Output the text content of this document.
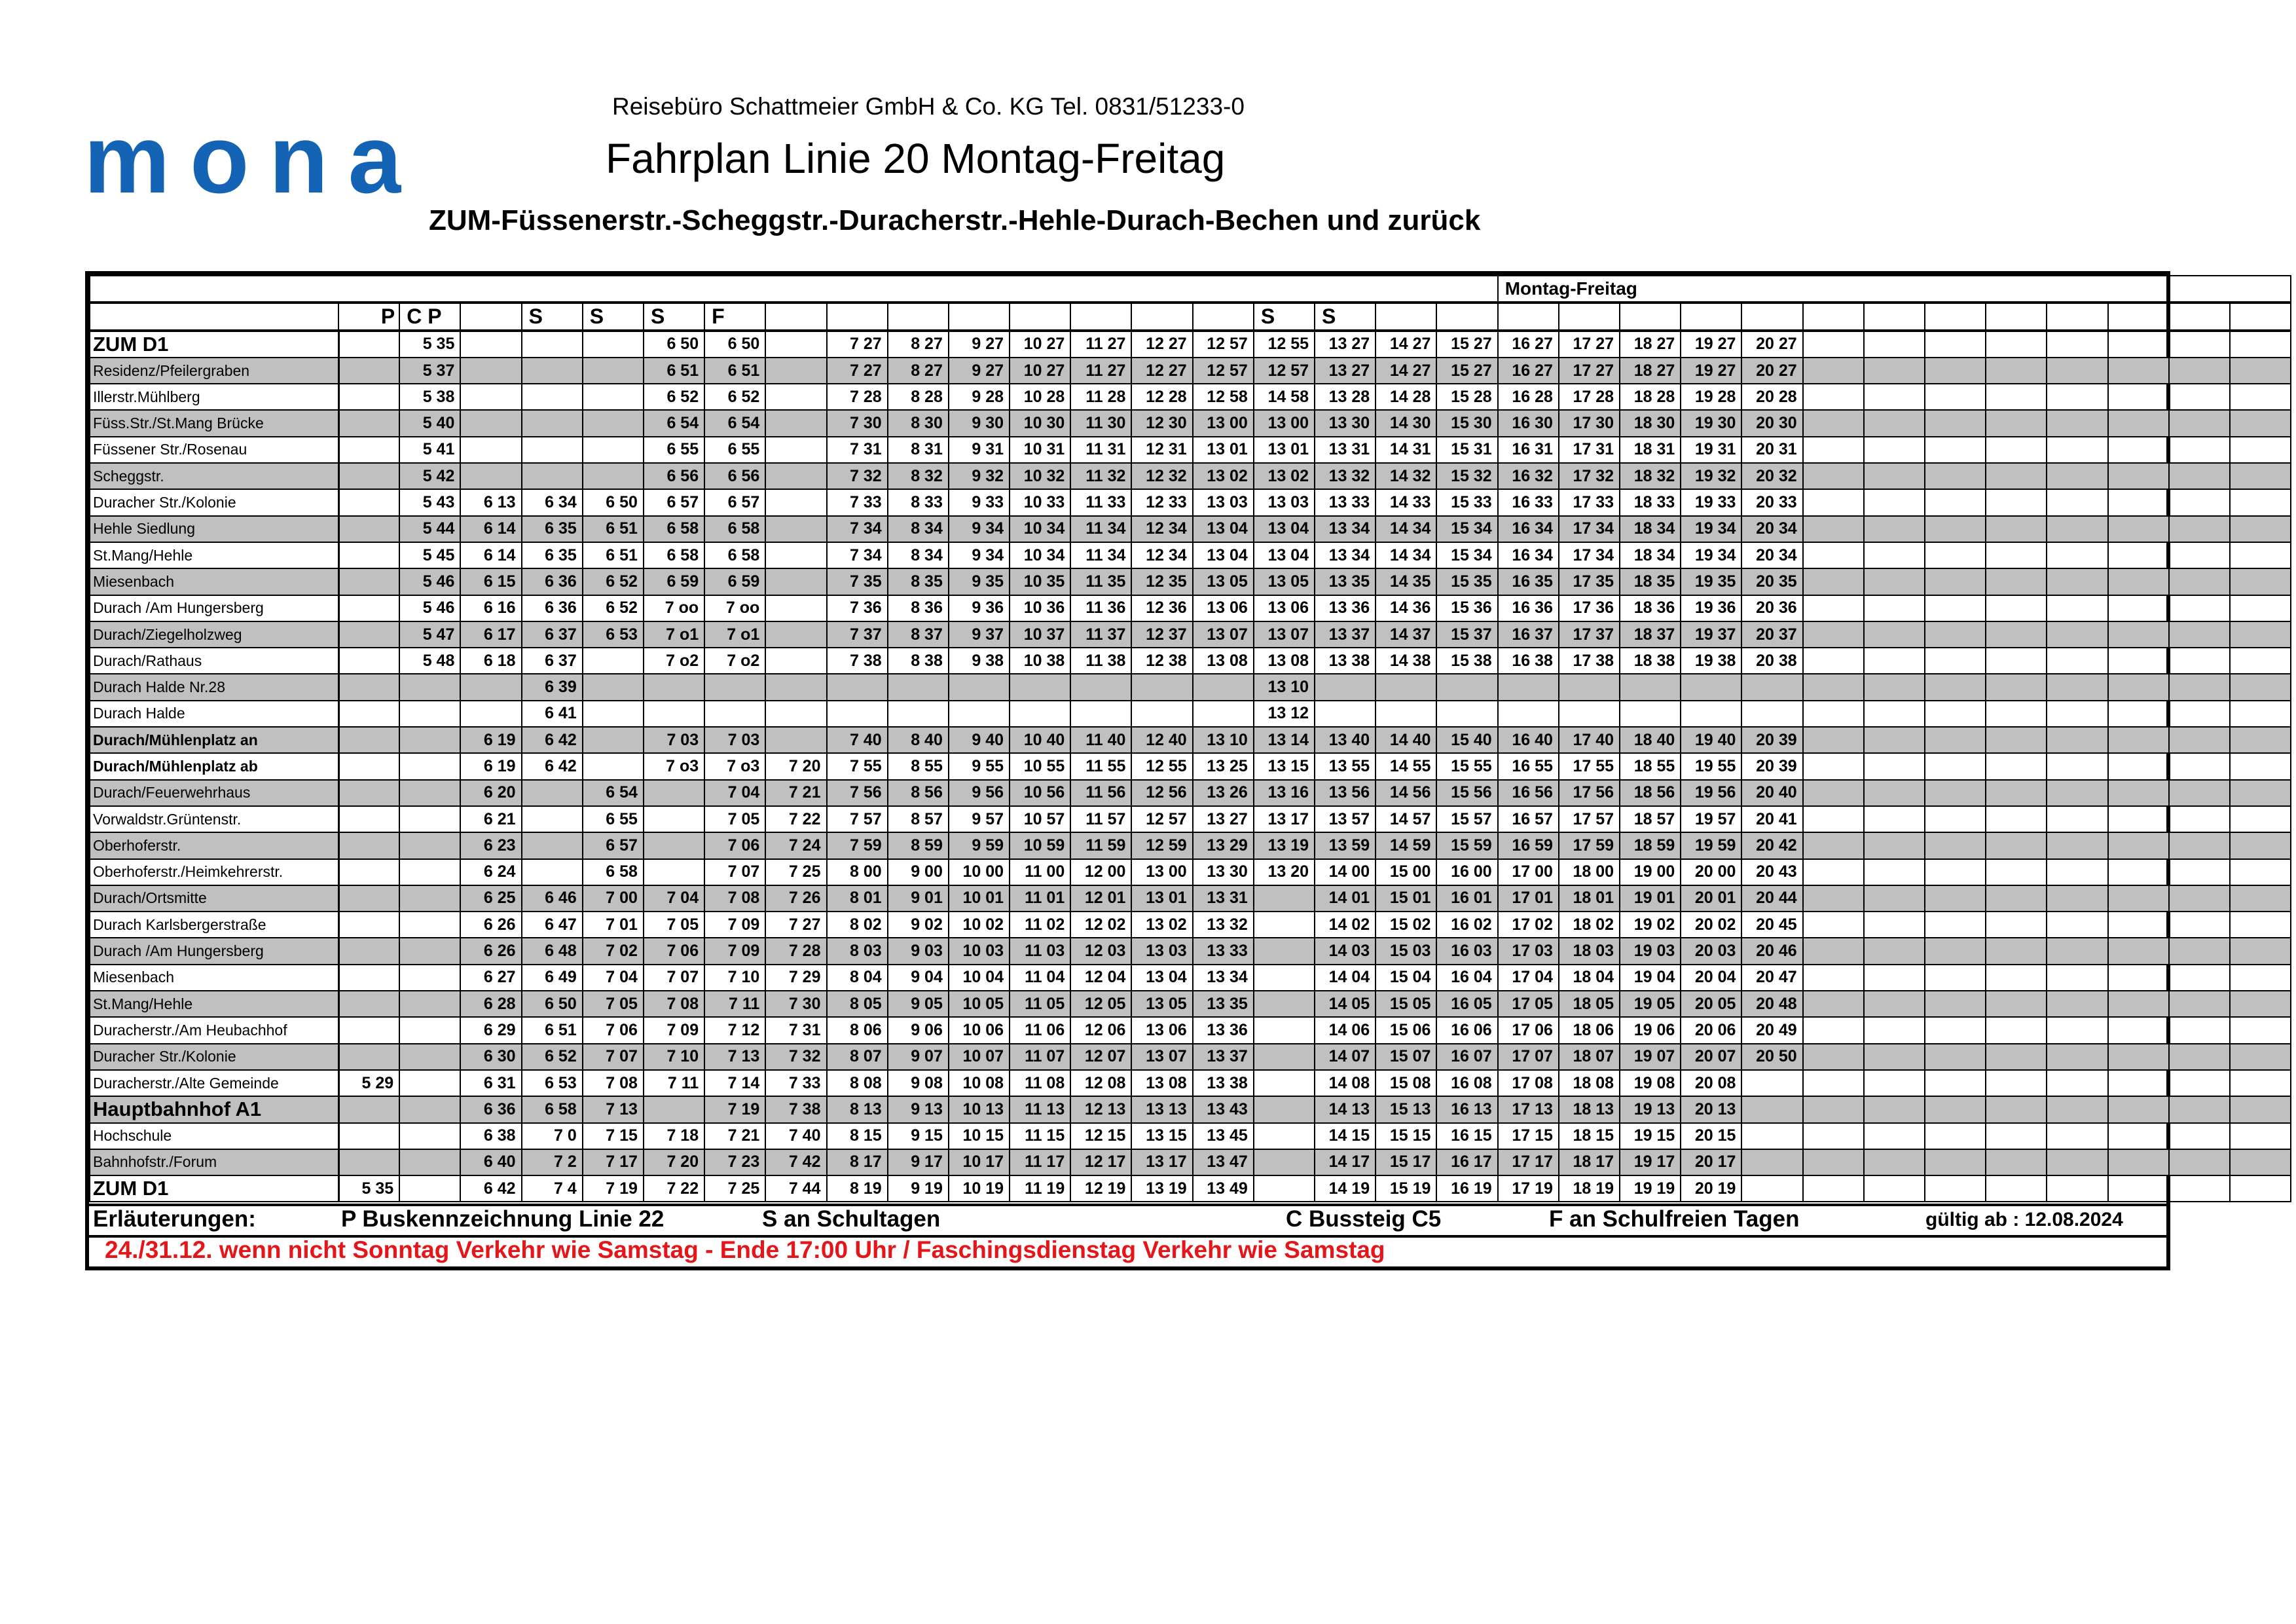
Reisebüro Schattmeier GmbH & Co. KG Tel. 0831/51233-0
mona	Fahrplan Linie 20 Montag-Freitag
ZUM-Füssenerstr.-Scheggstr.-Duracherstr.-Hehle-Durach-Bechen und zurück
																				Montag-Freitag													
	P	C P		S	S	S	F									S	S																
ZUM D1		5 35				6 50	6 50		7 27	8 27	9 27	10 27	11 27	12 27	12 57	12 55	13 27	14 27	15 27	16 27	17 27	18 27	19 27	20 27									
Residenz/Pfeilergraben		5 37				6 51	6 51		7 27	8 27	9 27	10 27	11 27	12 27	12 57	12 57	13 27	14 27	15 27	16 27	17 27	18 27	19 27	20 27									
Illerstr.Mühlberg		5 38				6 52	6 52		7 28	8 28	9 28	10 28	11 28	12 28	12 58	14 58	13 28	14 28	15 28	16 28	17 28	18 28	19 28	20 28									
Füss.Str./St.Mang Brücke		5 40				6 54	6 54		7 30	8 30	9 30	10 30	11 30	12 30	13 00	13 00	13 30	14 30	15 30	16 30	17 30	18 30	19 30	20 30									
Füssener Str./Rosenau		5 41				6 55	6 55		7 31	8 31	9 31	10 31	11 31	12 31	13 01	13 01	13 31	14 31	15 31	16 31	17 31	18 31	19 31	20 31									
Scheggstr.		5 42				6 56	6 56		7 32	8 32	9 32	10 32	11 32	12 32	13 02	13 02	13 32	14 32	15 32	16 32	17 32	18 32	19 32	20 32									
Duracher Str./Kolonie		5 43	6 13	6 34	6 50	6 57	6 57		7 33	8 33	9 33	10 33	11 33	12 33	13 03	13 03	13 33	14 33	15 33	16 33	17 33	18 33	19 33	20 33									
Hehle Siedlung		5 44	6 14	6 35	6 51	6 58	6 58		7 34	8 34	9 34	10 34	11 34	12 34	13 04	13 04	13 34	14 34	15 34	16 34	17 34	18 34	19 34	20 34									
St.Mang/Hehle		5 45	6 14	6 35	6 51	6 58	6 58		7 34	8 34	9 34	10 34	11 34	12 34	13 04	13 04	13 34	14 34	15 34	16 34	17 34	18 34	19 34	20 34									
Miesenbach		5 46	6 15	6 36	6 52	6 59	6 59		7 35	8 35	9 35	10 35	11 35	12 35	13 05	13 05	13 35	14 35	15 35	16 35	17 35	18 35	19 35	20 35									
Durach /Am Hungersberg		5 46	6 16	6 36	6 52	7 oo	7 oo		7 36	8 36	9 36	10 36	11 36	12 36	13 06	13 06	13 36	14 36	15 36	16 36	17 36	18 36	19 36	20 36									
Durach/Ziegelholzweg		5 47	6 17	6 37	6 53	7 o1	7 o1		7 37	8 37	9 37	10 37	11 37	12 37	13 07	13 07	13 37	14 37	15 37	16 37	17 37	18 37	19 37	20 37									
Durach/Rathaus		5 48	6 18	6 37		7 o2	7 o2		7 38	8 38	9 38	10 38	11 38	12 38	13 08	13 08	13 38	14 38	15 38	16 38	17 38	18 38	19 38	20 38									
Durach Halde Nr.28				6 39												13 10																	
Durach Halde				6 41												13 12																	
Durach/Mühlenplatz an			6 19	6 42		7 03	7 03		7 40	8 40	9 40	10 40	11 40	12 40	13 10	13 14	13 40	14 40	15 40	16 40	17 40	18 40	19 40	20 39									
Durach/Mühlenplatz ab			6 19	6 42		7 o3	7 o3	7 20	7 55	8 55	9 55	10 55	11 55	12 55	13 25	13 15	13 55	14 55	15 55	16 55	17 55	18 55	19 55	20 39									
Durach/Feuerwehrhaus			6 20		6 54		7 04	7 21	7 56	8 56	9 56	10 56	11 56	12 56	13 26	13 16	13 56	14 56	15 56	16 56	17 56	18 56	19 56	20 40									
Vorwaldstr.Grüntenstr.			6 21		6 55		7 05	7 22	7 57	8 57	9 57	10 57	11 57	12 57	13 27	13 17	13 57	14 57	15 57	16 57	17 57	18 57	19 57	20 41									
Oberhoferstr.			6 23		6 57		7 06	7 24	7 59	8 59	9 59	10 59	11 59	12 59	13 29	13 19	13 59	14 59	15 59	16 59	17 59	18 59	19 59	20 42									
Oberhoferstr./Heimkehrerstr.			6 24		6 58		7 07	7 25	8 00	9 00	10 00	11 00	12 00	13 00	13 30	13 20	14 00	15 00	16 00	17 00	18 00	19 00	20 00	20 43									
Durach/Ortsmitte			6 25	6 46	7 00	7 04	7 08	7 26	8 01	9 01	10 01	11 01	12 01	13 01	13 31		14 01	15 01	16 01	17 01	18 01	19 01	20 01	20 44									
Durach Karlsbergerstraße			6 26	6 47	7 01	7 05	7 09	7 27	8 02	9 02	10 02	11 02	12 02	13 02	13 32		14 02	15 02	16 02	17 02	18 02	19 02	20 02	20 45									
Durach /Am Hungersberg			6 26	6 48	7 02	7 06	7 09	7 28	8 03	9 03	10 03	11 03	12 03	13 03	13 33		14 03	15 03	16 03	17 03	18 03	19 03	20 03	20 46									
Miesenbach			6 27	6 49	7 04	7 07	7 10	7 29	8 04	9 04	10 04	11 04	12 04	13 04	13 34		14 04	15 04	16 04	17 04	18 04	19 04	20 04	20 47									
St.Mang/Hehle			6 28	6 50	7 05	7 08	7 11	7 30	8 05	9 05	10 05	11 05	12 05	13 05	13 35		14 05	15 05	16 05	17 05	18 05	19 05	20 05	20 48									
Duracherstr./Am Heubachhof			6 29	6 51	7 06	7 09	7 12	7 31	8 06	9 06	10 06	11 06	12 06	13 06	13 36		14 06	15 06	16 06	17 06	18 06	19 06	20 06	20 49									
Duracher Str./Kolonie			6 30	6 52	7 07	7 10	7 13	7 32	8 07	9 07	10 07	11 07	12 07	13 07	13 37		14 07	15 07	16 07	17 07	18 07	19 07	20 07	20 50									
Duracherstr./Alte Gemeinde	5 29		6 31	6 53	7 08	7 11	7 14	7 33	8 08	9 08	10 08	11 08	12 08	13 08	13 38		14 08	15 08	16 08	17 08	18 08	19 08	20 08										
Hauptbahnhof A1			6 36	6 58	7 13		7 19	7 38	8 13	9 13	10 13	11 13	12 13	13 13	13 43		14 13	15 13	16 13	17 13	18 13	19 13	20 13										
Hochschule			6 38	7 0	7 15	7 18	7 21	7 40	8 15	9 15	10 15	11 15	12 15	13 15	13 45		14 15	15 15	16 15	17 15	18 15	19 15	20 15										
Bahnhofstr./Forum			6 40	7 2	7 17	7 20	7 23	7 42	8 17	9 17	10 17	11 17	12 17	13 17	13 47		14 17	15 17	16 17	17 17	18 17	19 17	20 17										
ZUM D1	5 35		6 42	7 4	7 19	7 22	7 25	7 44	8 19	9 19	10 19	11 19	12 19	13 19	13 49		14 19	15 19	16 19	17 19	18 19	19 19	20 19										
Erläuterungen:	P Buskennzeichnung Linie 22	S an Schultagen	C Bussteig C5	F an Schulfreien Tagen	gültig ab : 12.08.2024
24./31.12. wenn nicht Sonntag Verkehr wie Samstag - Ende 17:00 Uhr / Faschingsdienstag Verkehr wie Samstag
